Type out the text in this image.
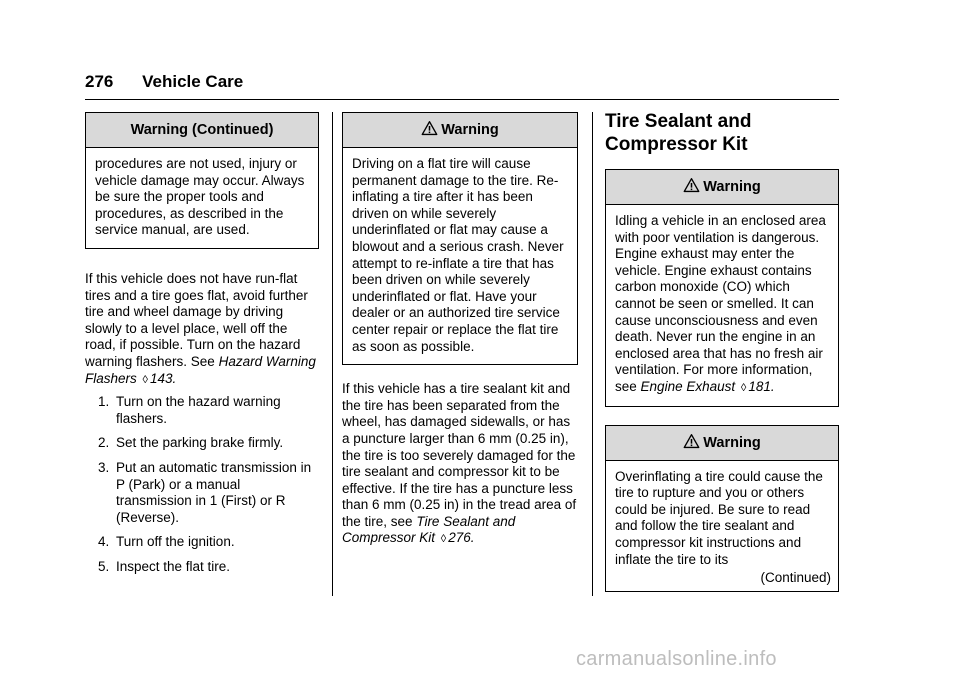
276 Vehicle Care
Warning (Continued)

procedures are not used, injury or vehicle damage may occur. Always be sure the proper tools and procedures, as described in the service manual, are used.

If this vehicle does not have run-flat tires and a tire goes flat, avoid further tire and wheel damage by driving slowly to a level place, well off the road, if possible. Turn on the hazard warning flashers. See Hazard Warning Flashers ◊ 143.

1. Turn on the hazard warning flashers.
2. Set the parking brake firmly.
3. Put an automatic transmission in P (Park) or a manual transmission in 1 (First) or R (Reverse).
4. Turn off the ignition.
5. Inspect the flat tire.
Warning

Driving on a flat tire will cause permanent damage to the tire. Re-inflating a tire after it has been driven on while severely underinflated or flat may cause a blowout and a serious crash. Never attempt to re-inflate a tire that has been driven on while severely underinflated or flat. Have your dealer or an authorized tire service center repair or replace the flat tire as soon as possible.

If this vehicle has a tire sealant kit and the tire has been separated from the wheel, has damaged sidewalls, or has a puncture larger than 6 mm (0.25 in), the tire is too severely damaged for the tire sealant and compressor kit to be effective. If the tire has a puncture less than 6 mm (0.25 in) in the tread area of the tire, see Tire Sealant and Compressor Kit ◊ 276.

Tire Sealant and Compressor Kit
Warning

Idling a vehicle in an enclosed area with poor ventilation is dangerous. Engine exhaust may enter the vehicle. Engine exhaust contains carbon monoxide (CO) which cannot be seen or smelled. It can cause unconsciousness and even death. Never run the engine in an enclosed area that has no fresh air ventilation. For more information, see Engine Exhaust ◊ 181.

Warning

Overinflating a tire could cause the tire to rupture and you or others could be injured. Be sure to read and follow the tire sealant and compressor kit instructions and inflate the tire to its

(Continued)
carmanualsonline.info
